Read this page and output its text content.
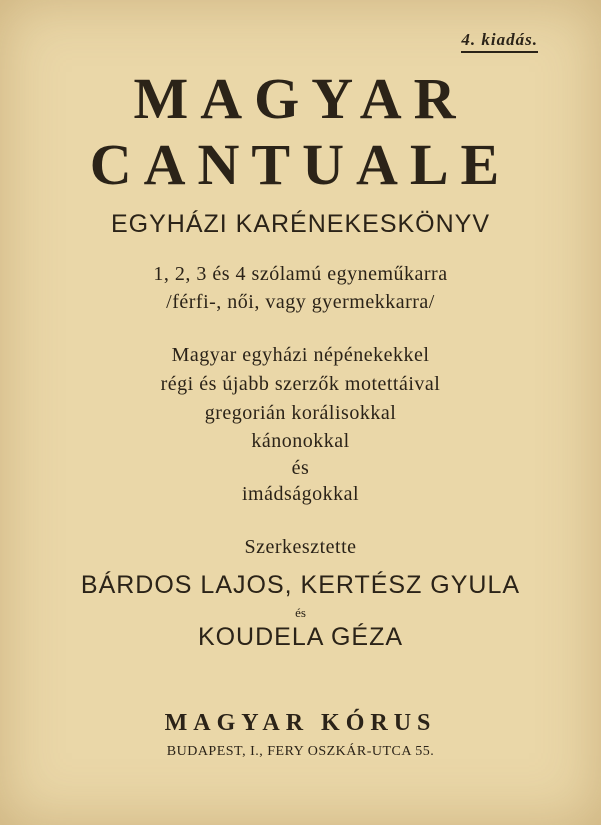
4. kiadás.
MAGYAR
CANTUALE
EGYHÁZI KARÉNEKESKÖNYV
1, 2, 3 és 4 szólamú egyneműkarra
/férfi-, női, vagy gyermekkarra/
Magyar egyházi népénekekkel
régi és újabb szerzők motettáival
gregorián korálisokkal
kánonokkal
és
imádságokkal
Szerkesztette
BÁRDOS LAJOS, KERTÉSZ GYULA
és
KOUDELA GÉZA
MAGYAR KÓRUS
BUDAPEST, I., FERY OSZKÁR-UTCA 55.
